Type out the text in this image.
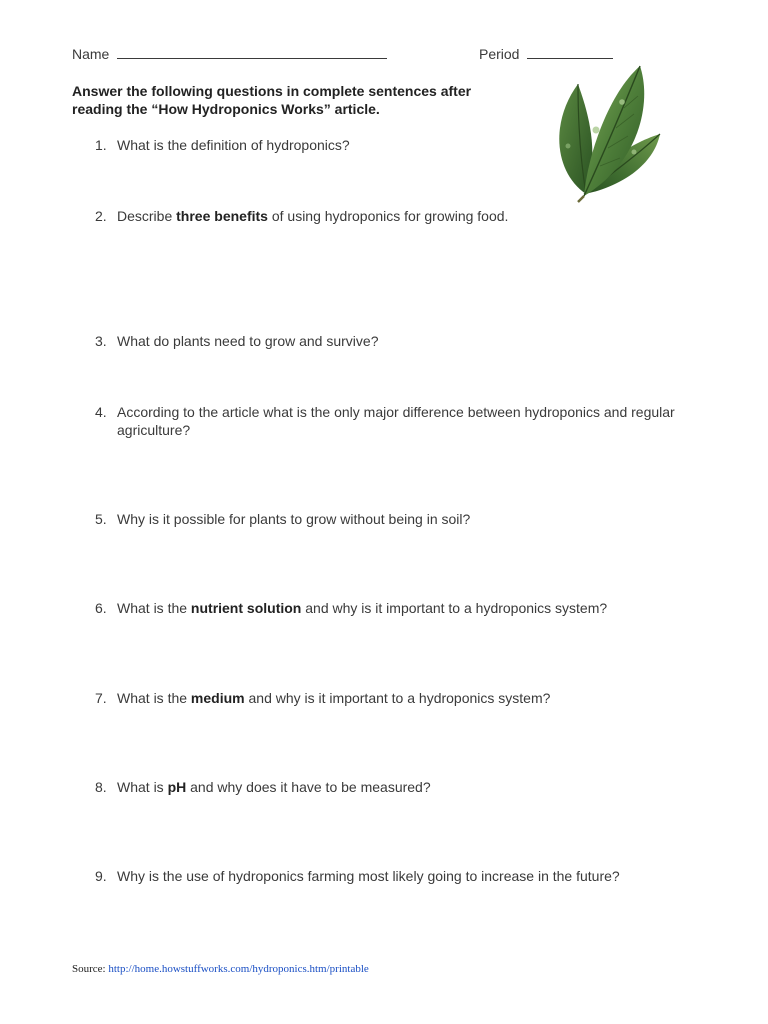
Name	Period
Answer the following questions in complete sentences after reading the “How Hydroponics Works” article.
1. What is the definition of hydroponics?
2. Describe three benefits of using hydroponics for growing food.
3. What do plants need to grow and survive?
4. According to the article what is the only major difference between hydroponics and regular agriculture?
5. Why is it possible for plants to grow without being in soil?
6. What is the nutrient solution and why is it important to a hydroponics system?
7. What is the medium and why is it important to a hydroponics system?
8. What is pH and why does it have to be measured?
9. Why is the use of hydroponics farming most likely going to increase in the future?
Source: http://home.howstuffworks.com/hydroponics.htm/printable
